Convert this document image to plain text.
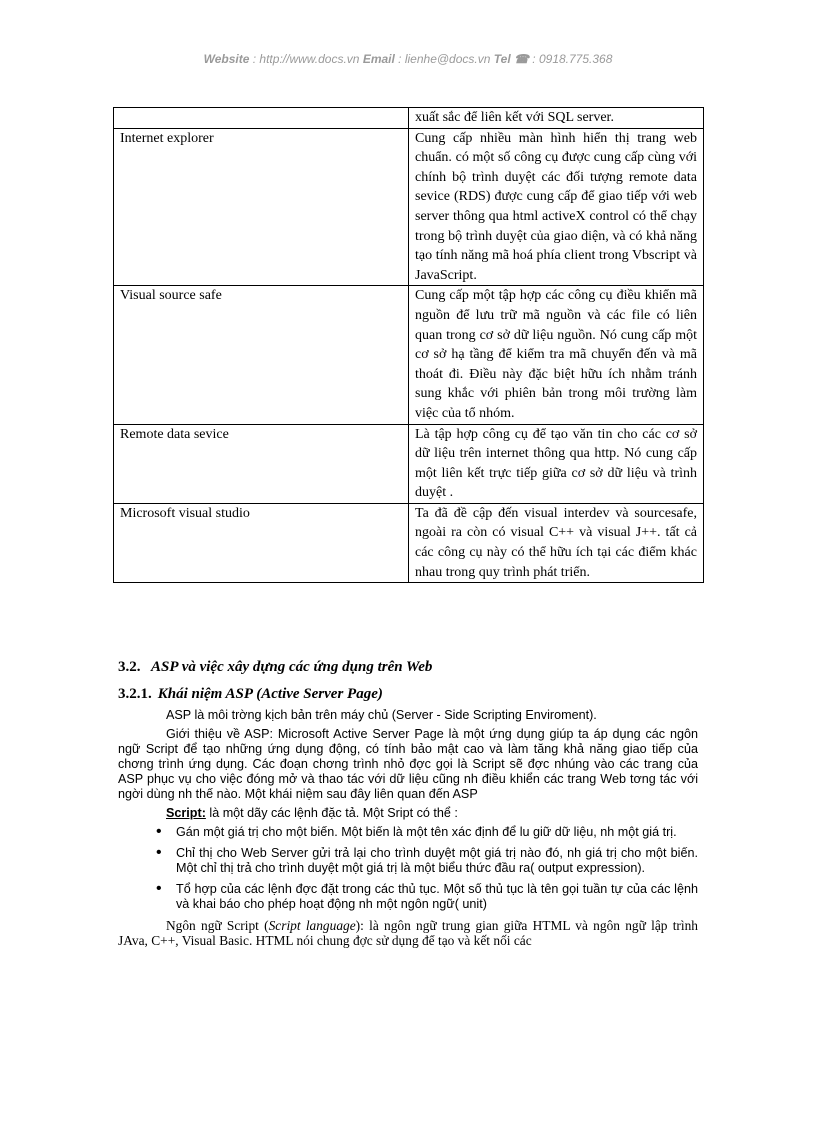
Website : http://www.docs.vn Email : lienhe@docs.vn Tel ☎ : 0918.775.368
	xuất sắc để liên kết với SQL server.
Internet explorer	Cung cấp nhiều màn hình hiển thị trang web chuẩn. có một số công cụ được cung cấp cùng với chính bộ trình duyệt các đối tượng remote data sevice (RDS) được cung cấp để giao tiếp với web server thông qua html activeX control có thể chạy trong bộ trình duyệt của giao diện, và có khả năng tạo tính năng mã hoá phía client trong Vbscript và JavaScript.
Visual source safe	Cung cấp một tập hợp các công cụ điều khiển mã nguồn để lưu trữ mã nguồn và các file có liên quan trong cơ sở dữ liệu nguồn. Nó cung cấp một cơ sở hạ tầng để kiểm tra mã chuyển đến và mã thoát đi. Điều này đặc biệt hữu ích nhằm tránh sung khắc với phiên bản trong môi trường làm việc của tổ nhóm.
Remote data sevice	Là tập hợp công cụ để tạo văn tin cho các cơ sở dữ liệu trên internet thông qua http. Nó cung cấp một liên kết trực tiếp giữa cơ sở dữ liệu và trình duyệt .
Microsoft visual studio	Ta đã đề cập đến visual interdev và sourcesafe, ngoài ra còn có visual C++ và visual J++. tất cả các công cụ này có thể hữu ích tại các điểm khác nhau trong quy trình phát triển.
3.2. ASP và việc xây dựng các ứng dụng trên Web
3.2.1. Khái niệm ASP (Active Server Page)

ASP là môi trờng kịch bản trên máy chủ (Server - Side Scripting Enviroment).

Giới thiệu về ASP: Microsoft Active Server Page là một ứng dụng giúp ta áp dụng các ngôn ngữ Script để tạo những ứng dụng động, có tính bảo mật cao và làm tăng khả năng giao tiếp của chơng trình ứng dụng. Các đoạn chơng trình nhỏ đợc gọi là Script sẽ đợc nhúng vào các trang của ASP phục vụ cho việc đóng mở và thao tác với dữ liệu cũng nh điều khiển các trang Web tơng tác với ngời dùng nh thế nào. Một khái niệm sau đây liên quan đến ASP

Script: là một dãy các lệnh đặc tả. Một Sript có thể :

• Gán một giá trị cho một biến. Một biến là một tên xác định để lu giữ dữ liệu, nh một giá trị.
• Chỉ thị cho Web Server gửi trả lại cho trình duyệt một giá trị nào đó, nh giá trị cho một biến. Một chỉ thị trả cho trình duyệt một giá trị là một biểu thức đầu ra( output expression).
• Tổ hợp của các lệnh đợc đặt trong các thủ tục. Một số thủ tục là tên gọi tuần tự của các lệnh và khai báo cho phép hoạt động nh một ngôn ngữ( unit)

Ngôn ngữ Script (Script language): là ngôn ngữ trung gian giữa HTML và ngôn ngữ lập trình JAva, C++, Visual Basic. HTML nói chung đợc sử dụng để tạo và kết nối các
